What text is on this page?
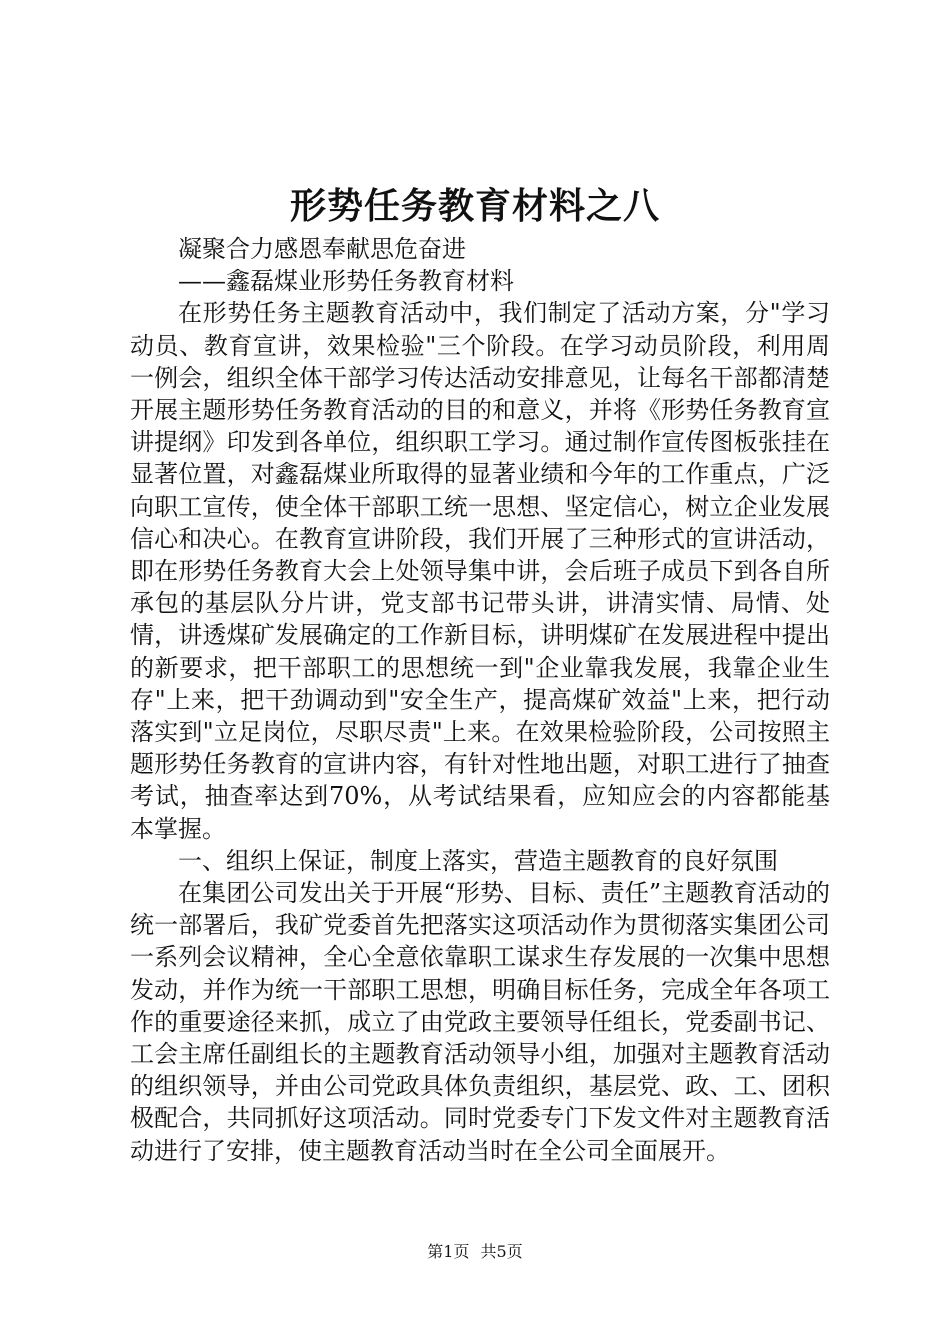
形势任务教育材料之八

凝聚合力感恩奉献思危奋进

——鑫磊煤业形势任务教育材料

在形势任务主题教育活动中，我们制定了活动方案，分"学习动员、教育宣讲，效果检验"三个阶段。在学习动员阶段，利用周一例会，组织全体干部学习传达活动安排意见，让每名干部都清楚开展主题形势任务教育活动的目的和意义，并将《形势任务教育宣讲提纲》印发到各单位，组织职工学习。通过制作宣传图板张挂在显著位置，对鑫磊煤业所取得的显著业绩和今年的工作重点，广泛向职工宣传，使全体干部职工统一思想、坚定信心，树立企业发展信心和决心。在教育宣讲阶段，我们开展了三种形式的宣讲活动，即在形势任务教育大会上处领导集中讲，会后班子成员下到各自所承包的基层队分片讲，党支部书记带头讲，讲清实情、局情、处情，讲透煤矿发展确定的工作新目标，讲明煤矿在发展进程中提出的新要求，把干部职工的思想统一到"企业靠我发展，我靠企业生存"上来，把干劲调动到"安全生产，提高煤矿效益"上来，把行动落实到"立足岗位，尽职尽责"上来。在效果检验阶段，公司按照主题形势任务教育的宣讲内容，有针对性地出题，对职工进行了抽查考试，抽查率达到70%，从考试结果看，应知应会的内容都能基本掌握。

一、组织上保证，制度上落实，营造主题教育的良好氛围

在集团公司发出关于开展“形势、目标、责任”主题教育活动的统一部署后，我矿党委首先把落实这项活动作为贯彻落实集团公司一系列会议精神，全心全意依靠职工谋求生存发展的一次集中思想发动，并作为统一干部职工思想，明确目标任务，完成全年各项工作的重要途径来抓，成立了由党政主要领导任组长，党委副书记、工会主席任副组长的主题教育活动领导小组，加强对主题教育活动的组织领导，并由公司党政具体负责组织，基层党、政、工、团积极配合，共同抓好这项活动。同时党委专门下发文件对主题教育活动进行了安排，使主题教育活动当时在全公司全面展开。

第1页 共5页
